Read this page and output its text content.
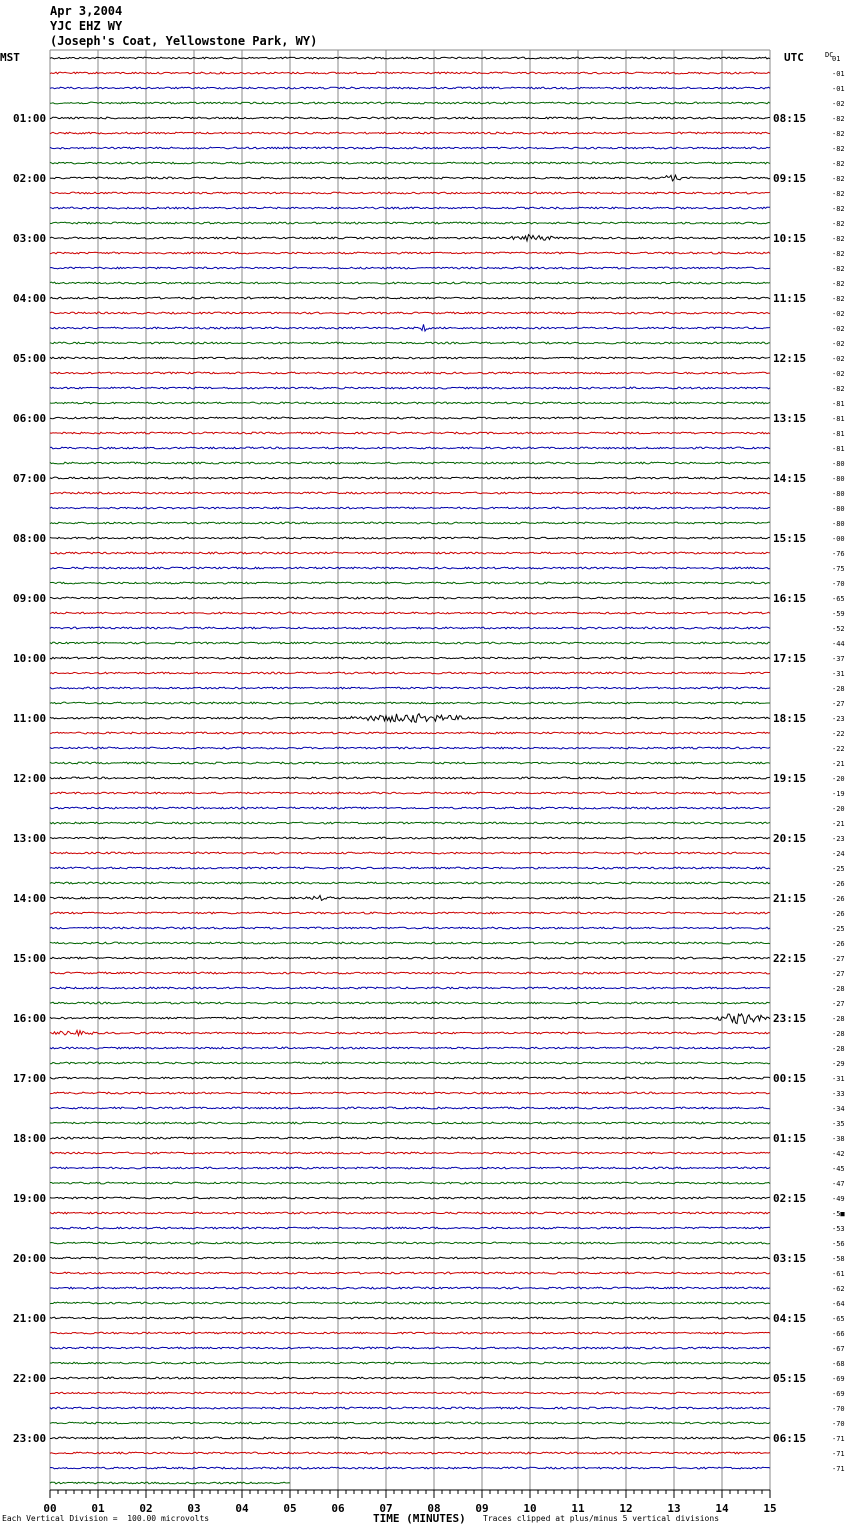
Apr 3,2004
YJC EHZ WY
(Joseph's Coat, Yellowstone Park, WY)
01:00
02:00
03:00
04:00
05:00
06:00
07:00
08:00
09:00
10:00
11:00
12:00
13:00
14:00
15:00
16:00
17:00
18:00
19:00
20:00
21:00
22:00
23:00
08:15
09:15
10:15
11:15
12:15
13:15
14:15
15:15
16:15
17:15
18:15
19:15
20:15
21:15
22:15
23:15
00:15
01:15
02:15
03:15
04:15
05:15
06:15
01
-01
-01
-02
-82
-82
-82
-82
-82
-82
-82
-82
-82
-82
-82
-82
-82
-02
-02
-02
-02
-02
-82
-81
-81
-81
-81
-80
-80
-80
-80
-80
-00
-76
-75
-70
-65
-59
-52
-44
-37
-31
-28
-27
-23
-22
-22
-21
-20
-19
-20
-21
-23
-24
-25
-26
-26
-26
-25
-26
-27
-27
-28
-27
-28
-28
-28
-29
-31
-33
-34
-35
-38
-42
-45
-47
-49
-5■
-53
-56
-58
-61
-62
-64
-65
-66
-67
-68
-69
-69
-70
-70
-71
-71
-71
00	01	02	03	04	05	06	07	08	09	10	11	12	13	14	15
MST	UTC	DC
Each Vertical Division =  100.00 microvolts	TIME (MINUTES) Traces clipped at plus/minus 5 vertical divisions
